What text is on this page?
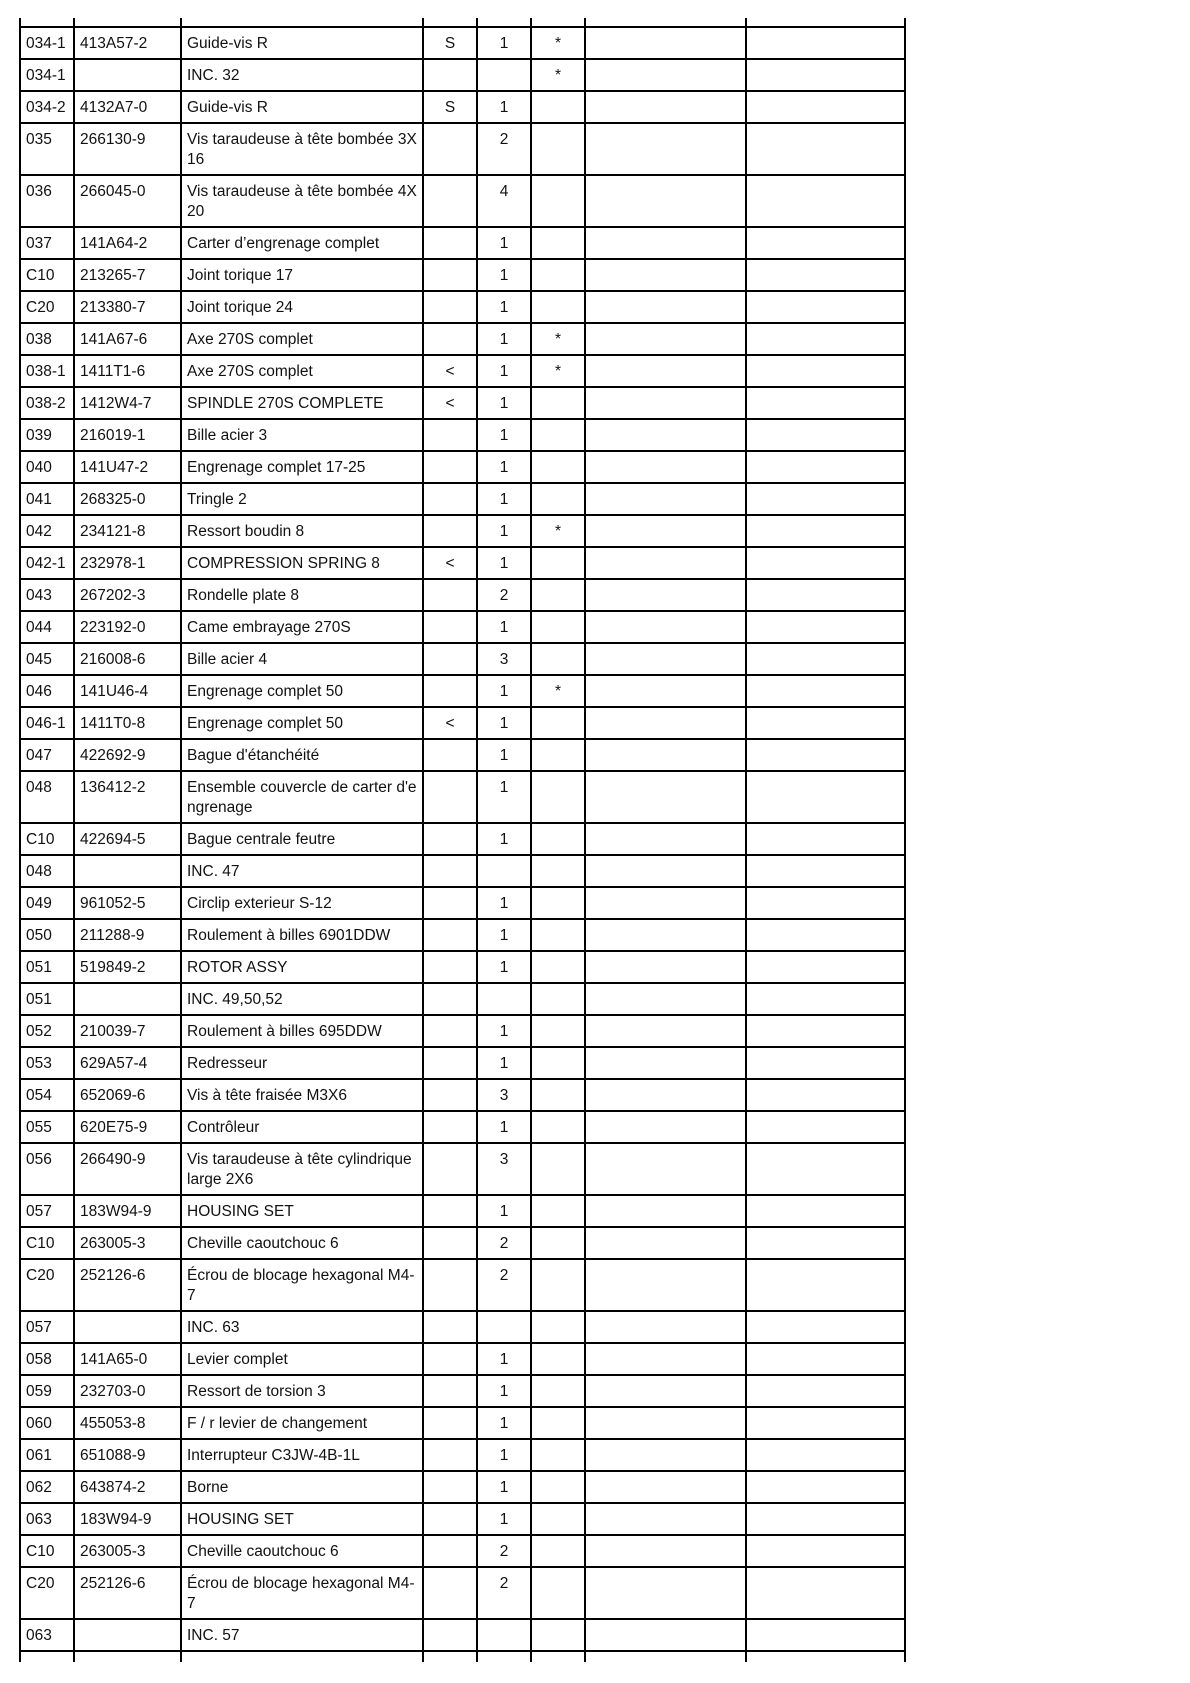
034-1	413A57-2	Guide-vis R	S	1	*		
034-1		INC. 32			*		
034-2	4132A7-0	Guide-vis R	S	1			
035	266130-9	Vis taraudeuse à tête bombée 3X 16		2			
036	266045-0	Vis taraudeuse à tête bombée 4X 20		4			
037	141A64-2	Carter d’engrenage complet		1			
C10	213265-7	Joint torique 17		1			
C20	213380-7	Joint torique 24		1			
038	141A67-6	Axe 270S complet		1	*		
038-1	1411T1-6	Axe 270S complet	<	1	*		
038-2	1412W4-7	SPINDLE 270S COMPLETE	<	1			
039	216019-1	Bille acier 3		1			
040	141U47-2	Engrenage complet 17-25		1			
041	268325-0	Tringle 2		1			
042	234121-8	Ressort boudin 8		1	*		
042-1	232978-1	COMPRESSION SPRING 8	<	1			
043	267202-3	Rondelle plate 8		2			
044	223192-0	Came embrayage 270S		1			
045	216008-6	Bille acier 4		3			
046	141U46-4	Engrenage complet 50		1	*		
046-1	1411T0-8	Engrenage complet 50	<	1			
047	422692-9	Bague d'étanchéité		1			
048	136412-2	Ensemble couvercle de carter d'engrenage		1			
C10	422694-5	Bague centrale feutre		1			
048		INC. 47					
049	961052-5	Circlip exterieur S-12		1			
050	211288-9	Roulement à billes 6901DDW		1			
051	519849-2	ROTOR ASSY		1			
051		INC. 49,50,52					
052	210039-7	Roulement à billes 695DDW		1			
053	629A57-4	Redresseur		1			
054	652069-6	Vis à tête fraisée M3X6		3			
055	620E75-9	Contrôleur		1			
056	266490-9	Vis taraudeuse à tête cylindrique large 2X6		3			
057	183W94-9	HOUSING SET		1			
C10	263005-3	Cheville caoutchouc 6		2			
C20	252126-6	Écrou de blocage hexagonal M4-7		2			
057		INC. 63					
058	141A65-0	Levier complet		1			
059	232703-0	Ressort de torsion 3		1			
060	455053-8	F / r levier de changement		1			
061	651088-9	Interrupteur C3JW-4B-1L		1			
062	643874-2	Borne		1			
063	183W94-9	HOUSING SET		1			
C10	263005-3	Cheville caoutchouc 6		2			
C20	252126-6	Écrou de blocage hexagonal M4-7		2			
063		INC. 57					
